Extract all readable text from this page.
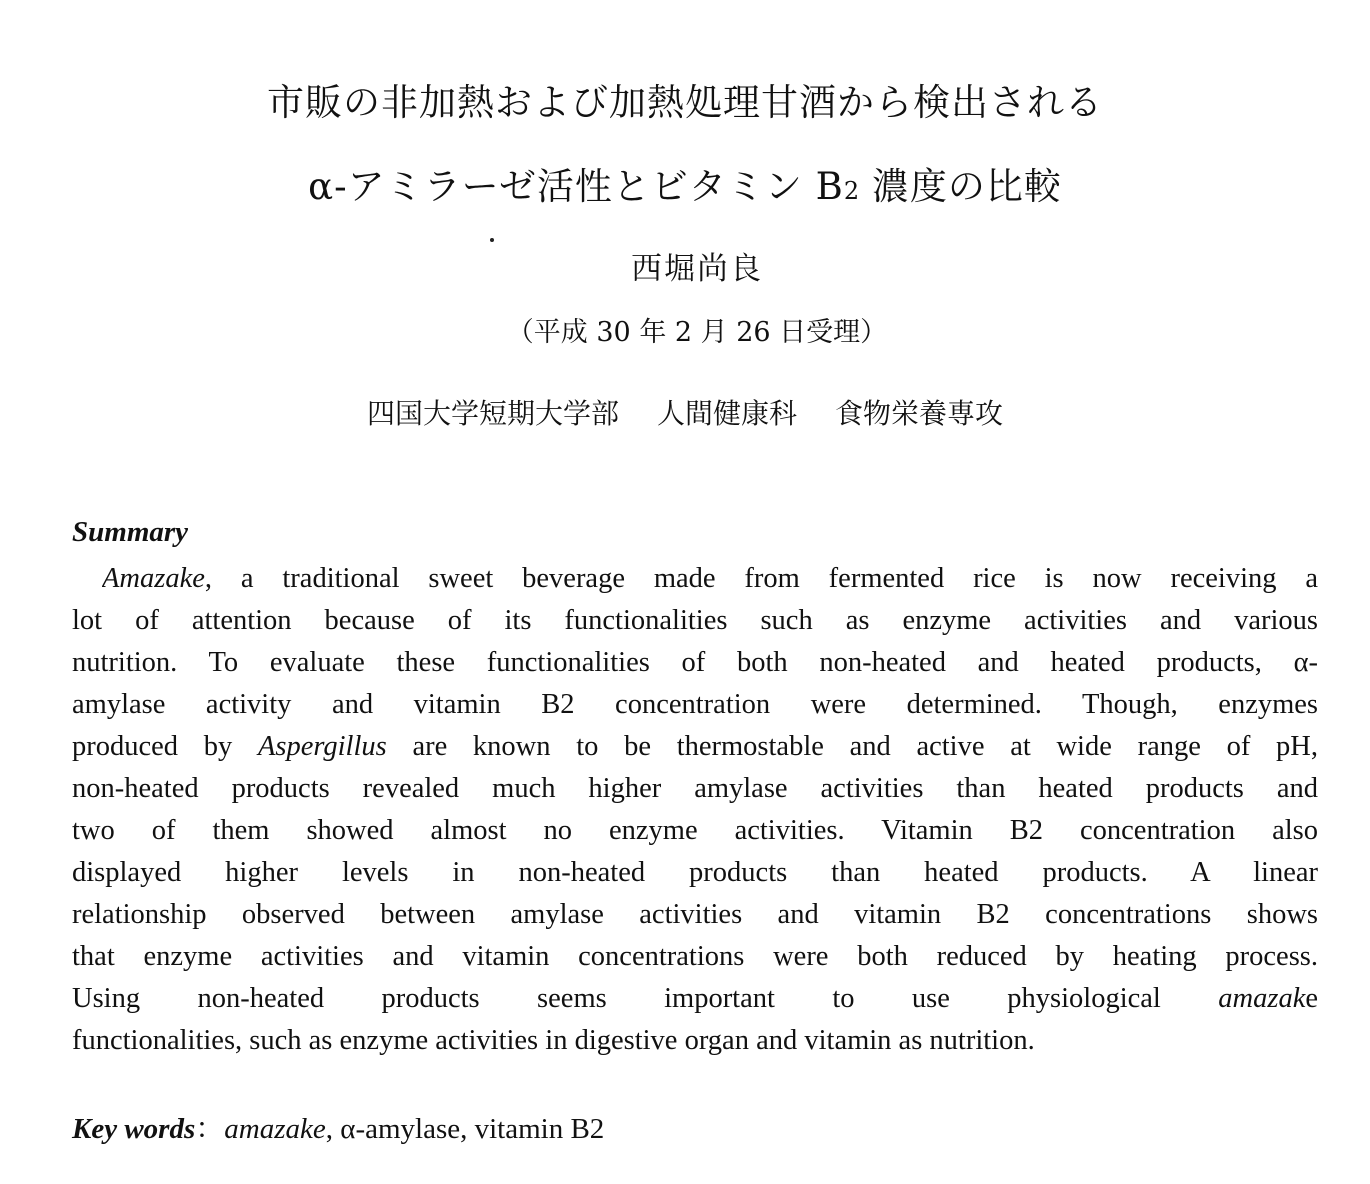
市販の非加熱および加熱処理甘酒から検出される
α‐アミラーゼ活性とビタミン B2 濃度の比較
西堀尚良
（平成 30 年 2 月 26 日受理）
四国大学短期大学部 人間健康科 食物栄養専攻
Summary
Amazake, a traditional sweet beverage made from fermented rice is now receiving a
lot of attention because of its functionalities such as enzyme activities and various
nutrition. To evaluate these functionalities of both non‐heated and heated products, α‐
amylase activity and vitamin B2 concentration were determined. Though, enzymes
produced by Aspergillus are known to be thermostable and active at wide range of pH,
non‐heated products revealed much higher amylase activities than heated products and
two of them showed almost no enzyme activities. Vitamin B2 concentration also
displayed higher levels in non‐heated products than heated products. A linear
relationship observed between amylase activities and vitamin B2 concentrations shows
that enzyme activities and vitamin concentrations were both reduced by heating process.
Using non‐heated products seems important to use physiological amazake
functionalities, such as enzyme activities in digestive organ and vitamin as nutrition.
Key words：amazake, α‐amylase, vitamin B2
